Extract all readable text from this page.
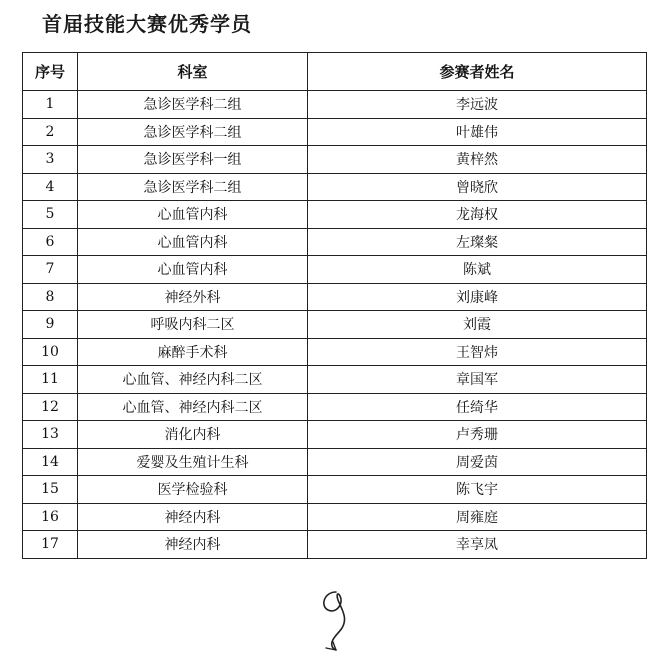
首届技能大赛优秀学员
序号	科室	参赛者姓名
1	急诊医学科二组	李远波
2	急诊医学科二组	叶雄伟
3	急诊医学科一组	黄梓然
4	急诊医学科二组	曾晓欣
5	心血管内科	龙海权
6	心血管内科	左璨粲
7	心血管内科	陈斌
8	神经外科	刘康峰
9	呼吸内科二区	刘霞
10	麻醉手术科	王智炜
11	心血管、神经内科二区	章国军
12	心血管、神经内科二区	任绮华
13	消化内科	卢秀珊
14	爱婴及生殖计生科	周爱茵
15	医学检验科	陈飞宇
16	神经内科	周雍庭
17	神经内科	幸享凤
